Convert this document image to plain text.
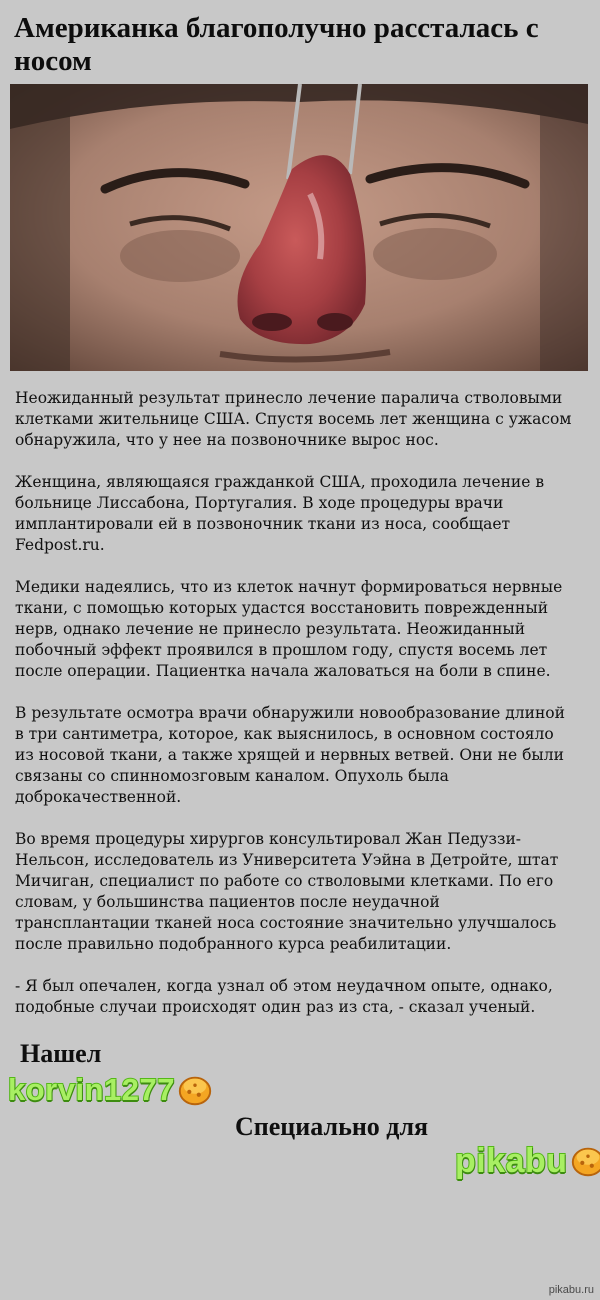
Американка благополучно рассталась с носом

Неожиданный результат принесло лечение паралича стволовыми клетками жительнице США. Спустя восемь лет женщина с ужасом обнаружила, что у нее на позвоночнике вырос нос.

Женщина, являющаяся гражданкой США, проходила лечение в больнице Лиссабона, Португалия. В ходе процедуры врачи имплантировали ей в позвоночник ткани из носа, сообщает Fedpost.ru.

Медики надеялись, что из клеток начнут формироваться нервные ткани, с помощью которых удастся восстановить поврежденный нерв, однако лечение не принесло результата. Неожиданный побочный эффект проявился в прошлом году, спустя восемь лет после операции. Пациентка начала жаловаться на боли в спине.

В результате осмотра врачи обнаружили новообразование длиной в три сантиметра, которое, как выяснилось, в основном состояло из носовой ткани, а также хрящей и нервных ветвей. Они не были связаны со спинномозговым каналом. Опухоль была доброкачественной.

Во время процедуры хирургов консультировал Жан Педуззи-Нельсон, исследователь из Университета Уэйна в Детройте, штат Мичиган, специалист по работе со стволовыми клетками. По его словам, у большинства пациентов после неудачной трансплантации тканей носа состояние значительно улучшалось после правильно подобранного курса реабилитации.

- Я был опечален, когда узнал об этом неудачном опыте, однако, подобные случаи происходят один раз из ста, - сказал ученый.

Нашел
korvin1277
Специально для
pikabu
pikabu.ru
